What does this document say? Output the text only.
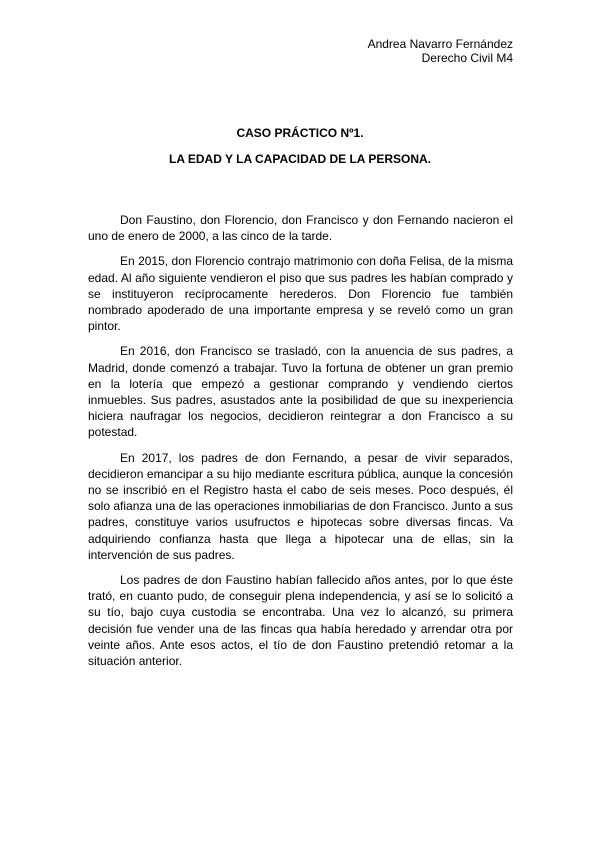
Andrea Navarro Fernández
Derecho Civil M4
CASO PRÁCTICO Nº1.
LA EDAD Y LA CAPACIDAD DE LA PERSONA.

Don Faustino, don Florencio, don Francisco y don Fernando nacieron el uno de enero de 2000, a las cinco de la tarde.

En 2015, don Florencio contrajo matrimonio con doña Felisa, de la misma edad. Al año siguiente vendieron el piso que sus padres les habían comprado y se instituyeron recíprocamente herederos. Don Florencio fue también nombrado apoderado de una importante empresa y se reveló como un gran pintor.

En 2016, don Francisco se trasladó, con la anuencia de sus padres, a Madrid, donde comenzó a trabajar. Tuvo la fortuna de obtener un gran premio en la lotería que empezó a gestionar comprando y vendiendo ciertos inmuebles. Sus padres, asustados ante la posibilidad de que su inexperiencia hiciera naufragar los negocios, decidieron reintegrar a don Francisco a su potestad.

En 2017, los padres de don Fernando, a pesar de vivir separados, decidieron emancipar a su hijo mediante escritura pública, aunque la concesión no se inscribió en el Registro hasta el cabo de seis meses. Poco después, él solo afianza una de las operaciones inmobiliarias de don Francisco. Junto a sus padres, constituye varios usufructos e hipotecas sobre diversas fincas. Va adquiriendo confianza hasta que llega a hipotecar una de ellas, sin la intervención de sus padres.

Los padres de don Faustino habían fallecido años antes, por lo que éste trató, en cuanto pudo, de conseguir plena independencia, y así se lo solicitó a su tío, bajo cuya custodia se encontraba. Una vez lo alcanzó, su primera decisión fue vender una de las fincas qua había heredado y arrendar otra por veinte años. Ante esos actos, el tío de don Faustino pretendió retomar a la situación anterior.
